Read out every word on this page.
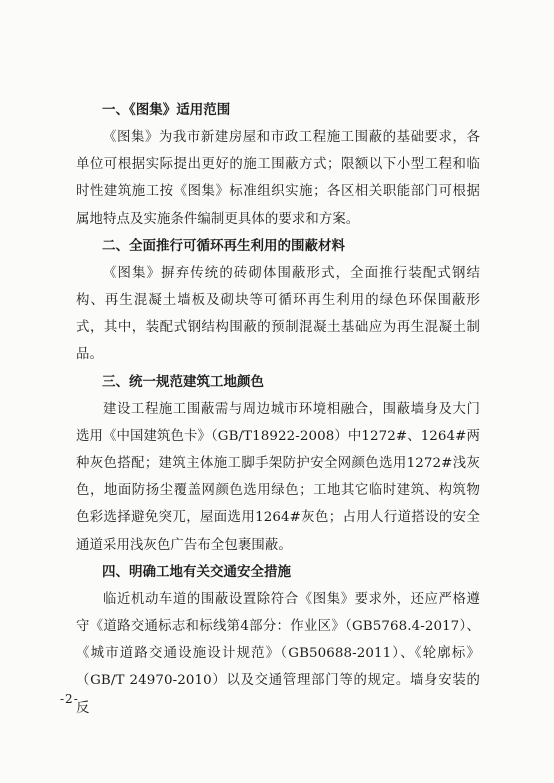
一、《图集》适用范围

《图集》为我市新建房屋和市政工程施工围蔽的基础要求，各单位可根据实际提出更好的施工围蔽方式；限额以下小型工程和临时性建筑施工按《图集》标准组织实施；各区相关职能部门可根据属地特点及实施条件编制更具体的要求和方案。

二、全面推行可循环再生利用的围蔽材料

《图集》摒弃传统的砖砌体围蔽形式，全面推行装配式钢结构、再生混凝土墙板及砌块等可循环再生利用的绿色环保围蔽形式，其中，装配式钢结构围蔽的预制混凝土基础应为再生混凝土制品。

三、统一规范建筑工地颜色

建设工程施工围蔽需与周边城市环境相融合，围蔽墙身及大门选用《中国建筑色卡》（GB/T18922-2008）中1272#、1264#两种灰色搭配；建筑主体施工脚手架防护安全网颜色选用1272#浅灰色，地面防扬尘覆盖网颜色选用绿色；工地其它临时建筑、构筑物色彩选择避免突兀，屋面选用1264#灰色；占用人行道搭设的安全通道采用浅灰色广告布全包裹围蔽。

四、明确工地有关交通安全措施

临近机动车道的围蔽设置除符合《图集》要求外，还应严格遵守《道路交通标志和标线第4部分：作业区》（GB5768.4-2017）、《城市道路交通设施设计规范》（GB50688-2011）、《轮廓标》（GB/T 24970-2010）以及交通管理部门等的规定。墙身安装的反

-2-
